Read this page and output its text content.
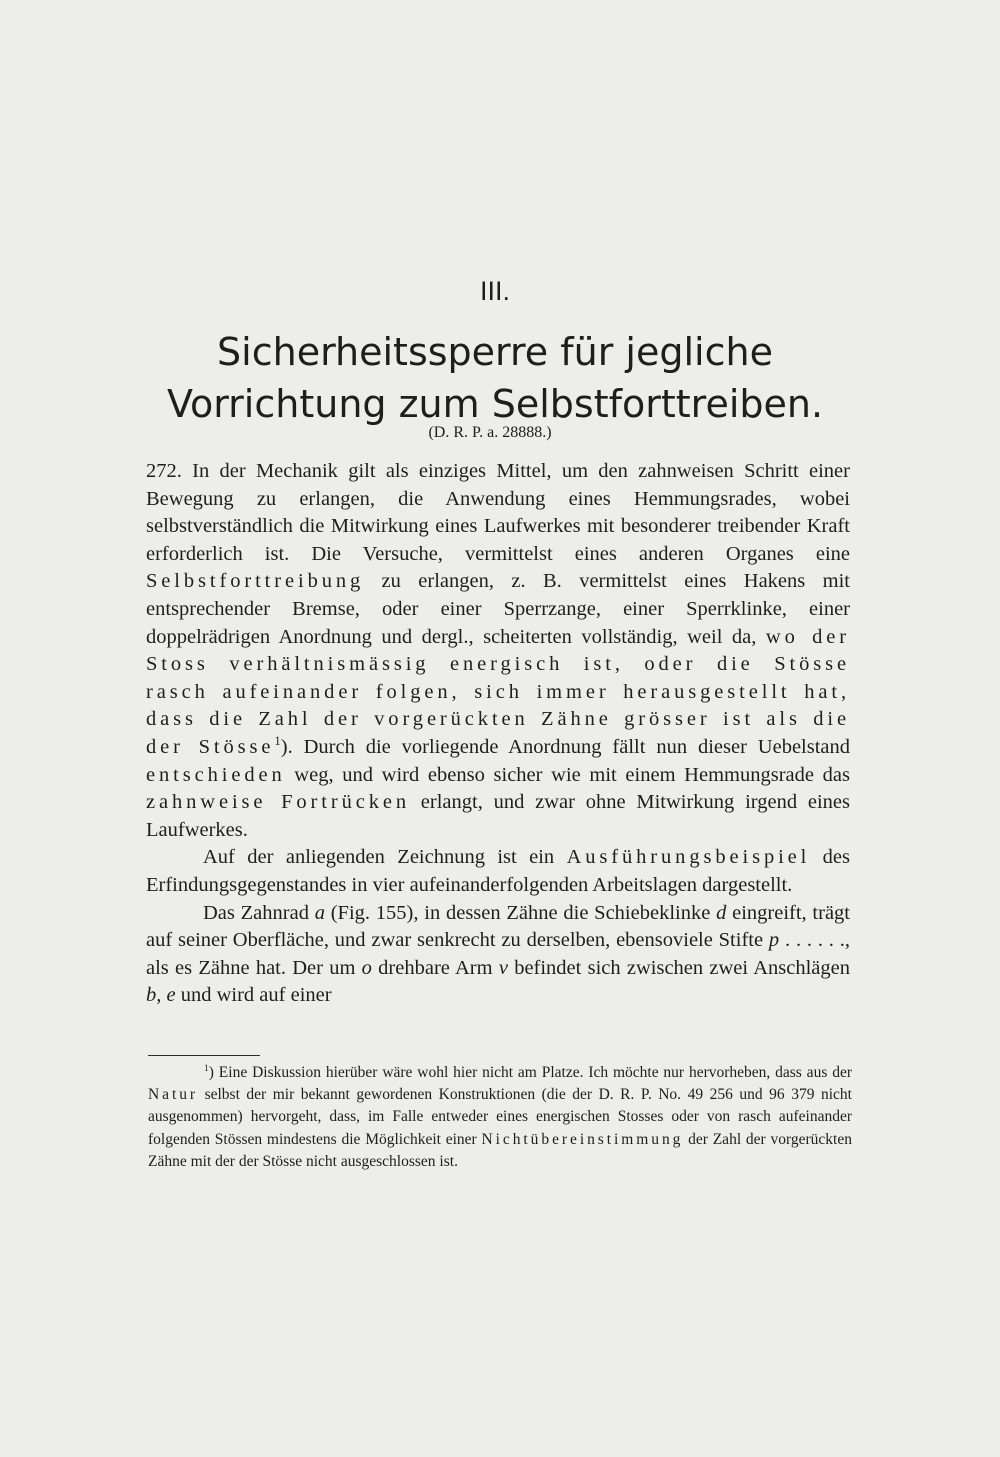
III.
Sicherheitssperre für jegliche
Vorrichtung zum Selbstforttreiben.
(D. R. P. a. 28888.)

272. In der Mechanik gilt als einziges Mittel, um den zahnweisen Schritt einer Bewegung zu erlangen, die Anwendung eines Hemmungsrades, wobei selbstverständlich die Mitwirkung eines Laufwerkes mit besonderer treibender Kraft erforderlich ist. Die Versuche, vermittelst eines anderen Organes eine Selbstforttreibung zu erlangen, z. B. vermittelst eines Hakens mit entsprechender Bremse, oder einer Sperrzange, einer Sperrklinke, einer doppelrädrigen Anordnung und dergl., scheiterten vollständig, weil da, wo der Stoss verhältnismässig energisch ist, oder die Stösse rasch aufeinander folgen, sich immer herausgestellt hat, dass die Zahl der vorgerückten Zähne grösser ist als die der Stösse$^1$). Durch die vorliegende Anordnung fällt nun dieser Uebelstand entschieden weg, und wird ebenso sicher wie mit einem Hemmungsrade das zahnweise Fortrücken erlangt, und zwar ohne Mitwirkung irgend eines Laufwerkes.

Auf der anliegenden Zeichnung ist ein Ausführungsbeispiel des Erfindungsgegenstandes in vier aufeinanderfolgenden Arbeitslagen dargestellt.

Das Zahnrad a (Fig. 155), in dessen Zähne die Schiebeklinke d eingreift, trägt auf seiner Oberfläche, und zwar senkrecht zu derselben, ebensoviele Stifte p . . . . . ., als es Zähne hat. Der um o drehbare Arm v befindet sich zwischen zwei Anschlägen b, e und wird auf einer

$^1$) Eine Diskussion hierüber wäre wohl hier nicht am Platze. Ich möchte nur hervorheben, dass aus der Natur selbst der mir bekannt gewordenen Konstruktionen (die der D. R. P. No. 49 256 und 96 379 nicht ausgenommen) hervorgeht, dass, im Falle entweder eines energischen Stosses oder von rasch aufeinander folgenden Stössen mindestens die Möglichkeit einer Nichtübereinstimmung der Zahl der vorgerückten Zähne mit der der Stösse nicht ausgeschlossen ist.
